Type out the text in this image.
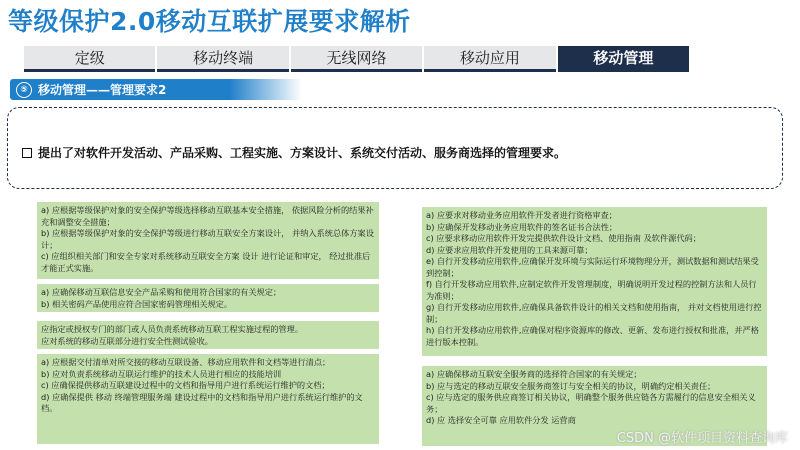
等级保护2.0移动互联扩展要求解析
定级	移动终端	无线网络	移动应用	移动管理
⑤ 移动管理——管理要求2
提出了对软件开发活动、产品采购、工程实施、方案设计、系统交付活动、服务商选择的管理要求。

a) 应根据等级保护对象的安全保护等级选择移动互联基本安全措施， 依据风险分析的结果补充和调整安全措施；

b) 应根据等级保护对象的安全保护等级进行移动互联安全方案设计， 并纳入系统总体方案设计；

c) 应组织相关部门和安全专家对系统移动互联安全方案 设计 进行论证和审定， 经过批准后才能正式实施。

a) 应确保移动互联信息安全产品采购和使用符合国家的有关规定；

b) 相关密码产品使用应符合国家密码管理相关规定。

应指定或授权专门的部门或人员负责系统移动互联工程实施过程的管理。

应对系统的移动互联部分进行安全性测试验收。

a) 应根据交付清单对所交接的移动互联设备、移动应用软件和文档等进行清点；

b) 应对负责系统移动互联运行维护的技术人员进行相应的技能培训

c) 应确保提供移动互联建设过程中的文档和指导用户进行系统运行维护的文档；

d) 应确保提供 移动 终端管理服务端 建设过程中的文档和指导用户进行系统运行维护的文档。

a) 应要求对移动业务应用软件开发者进行资格审查；

b) 应确保开发移动业务应用软件的签名证书合法性；

c) 应要求移动应用软件开发完提供软件设计文档、使用指南 及软件源代码；

d) 应要求应用软件开发使用的工具来源可靠；

e) 自行开发移动应用软件,应确保开发环境与实际运行环境物理分开，测试数据和测试结果受到控制；

f) 自行开发移动应用软件,应制定软件开发管理制度，明确说明开发过程的控制方法和人员行为准则；

g) 自行开发移动应用软件,应确保具备软件设计的相关文档和使用指南， 并对文档使用进行控制；

h) 自行开发移动应用软件,应确保对程序资源库的修改、更新、发布进行授权和批准，并严格进行版本控制。

a) 应确保移动互联安全服务商的选择符合国家的有关规定；

b) 应与选定的移动互联安全服务商签订与安全相关的协议，明确约定相关责任；

c) 应与选定的服务供应商签订相关协议，明确整个服务供应链各方需履行的信息安全相关义务；

d) 应 选择安全可靠 应用软件分发 运营商

CSDN @软件项目资料查询库
